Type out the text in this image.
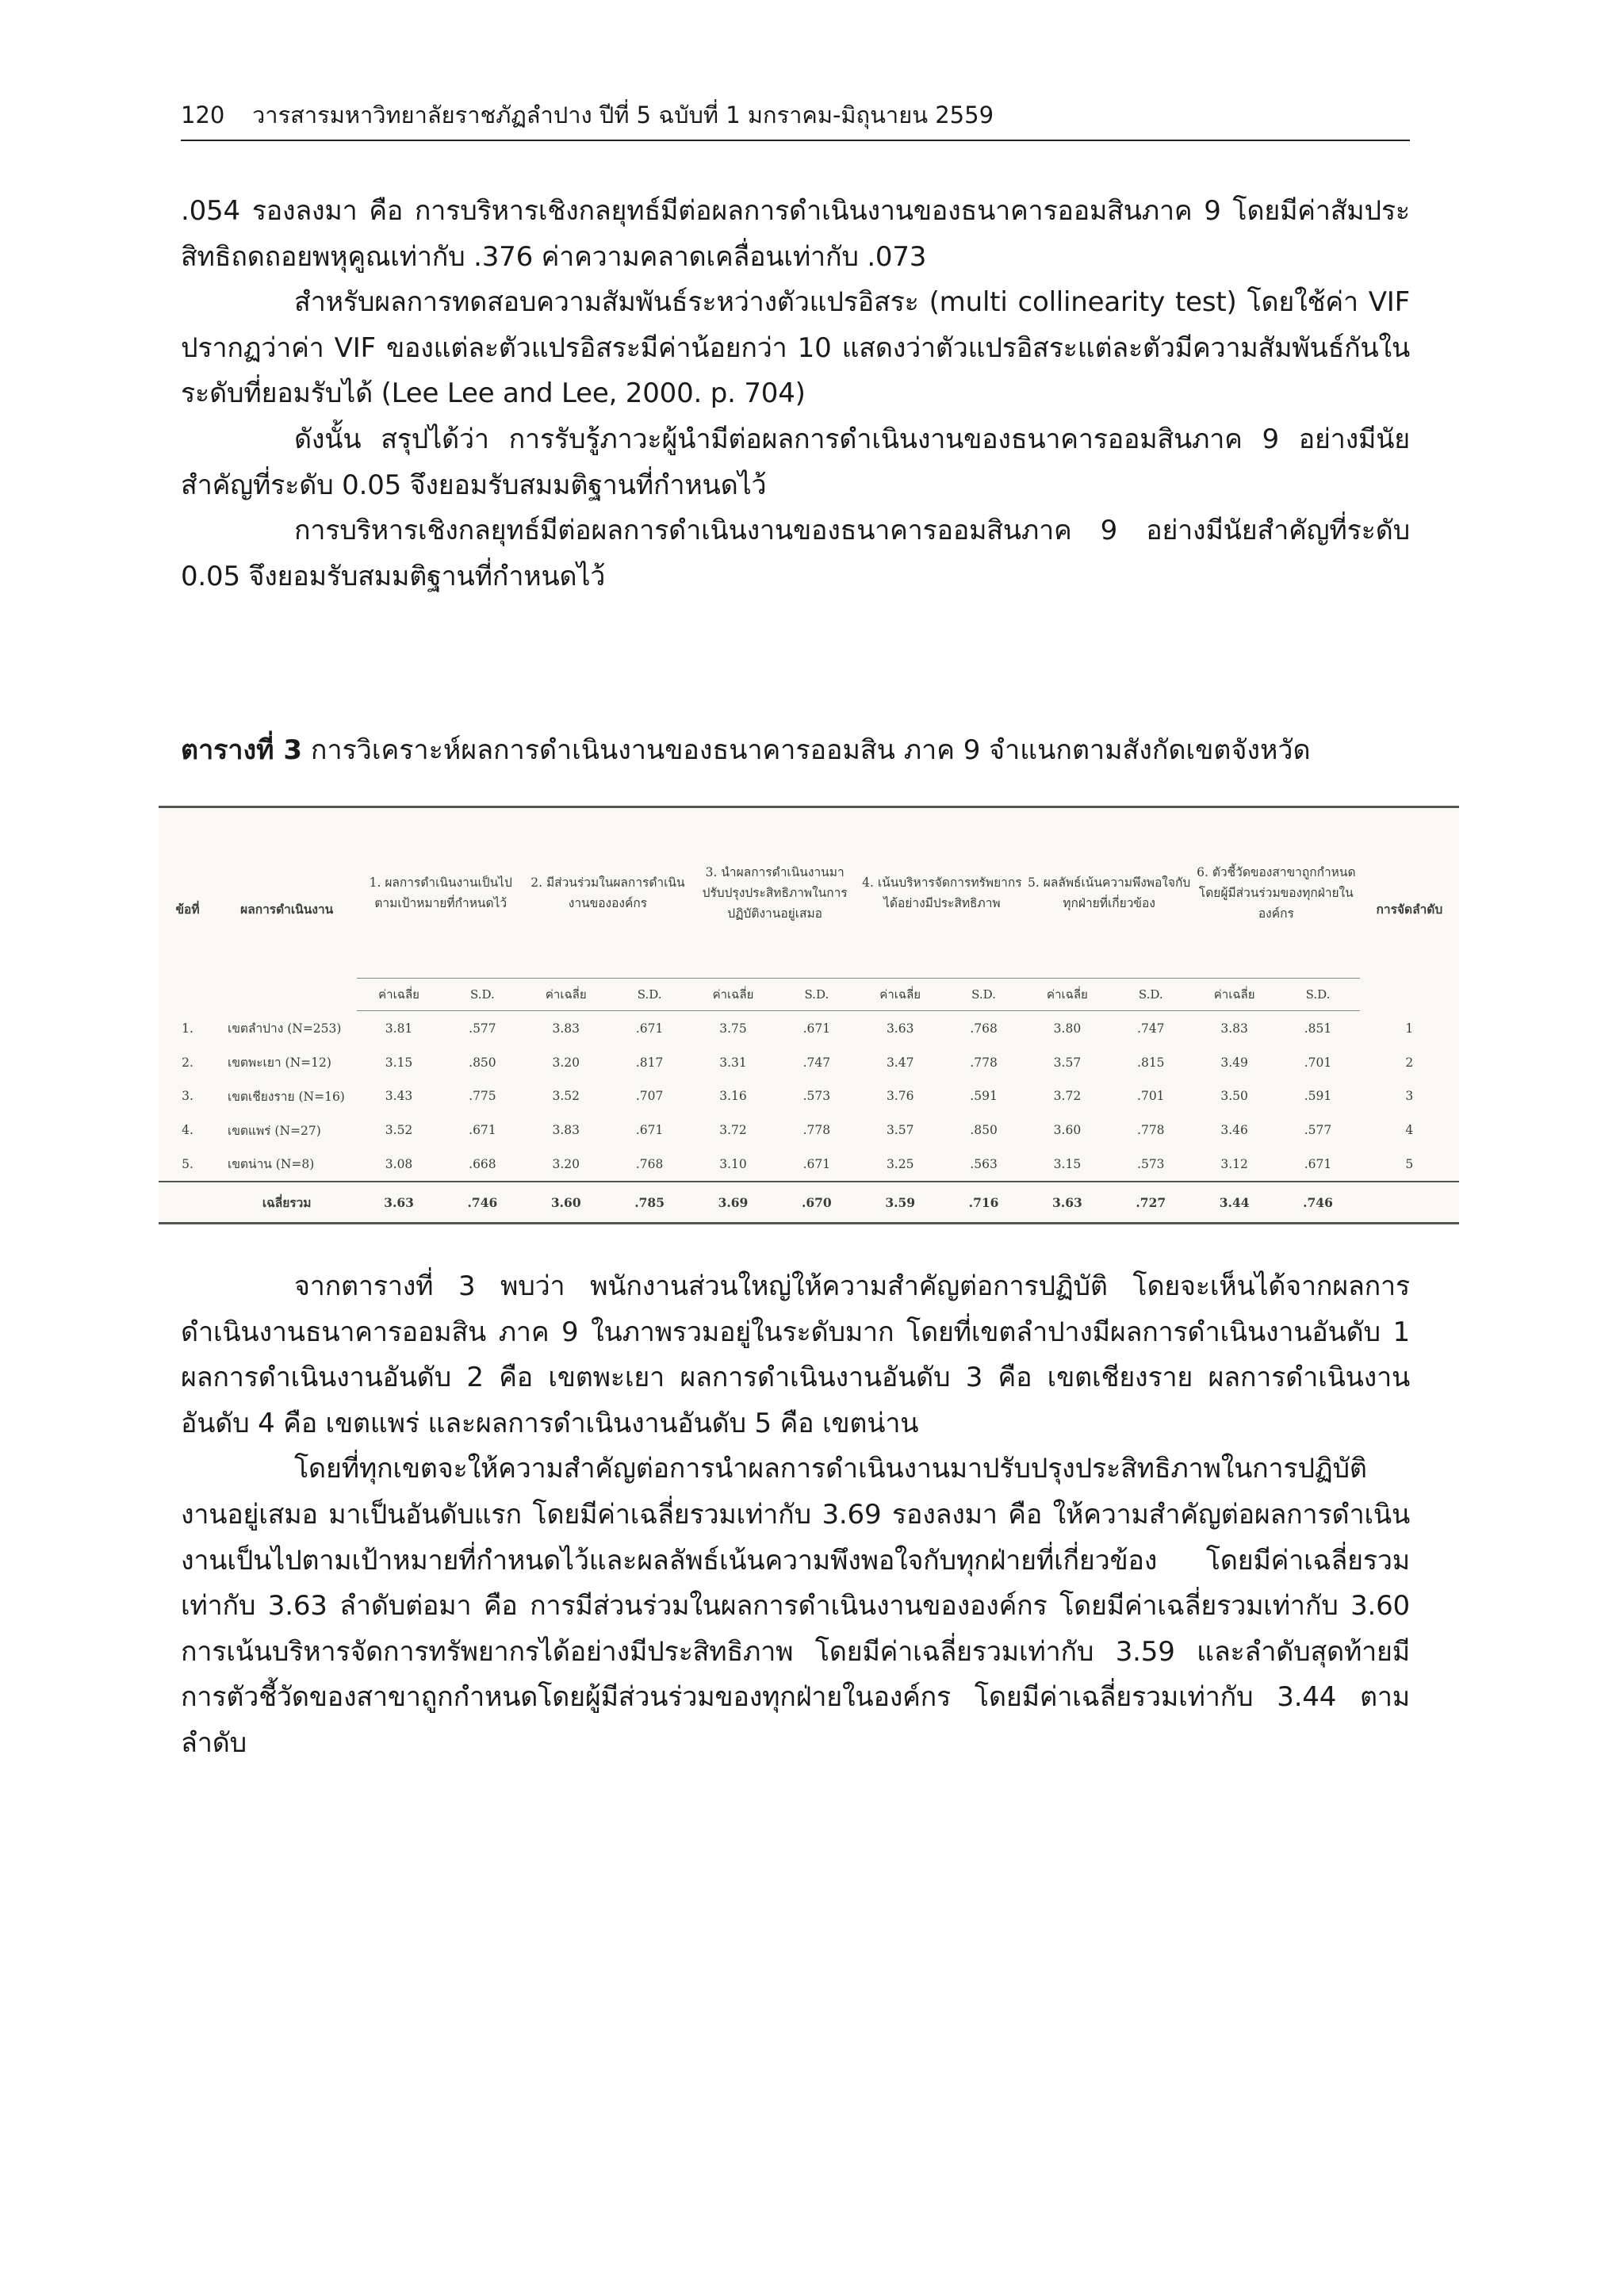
120 วารสารมหาวิทยาลัยราชภัฏลำปาง ปีที่ 5 ฉบับที่ 1 มกราคม-มิถุนายน 2559

.054 รองลงมา คือ การบริหารเชิงกลยุทธ์มีต่อผลการดำเนินงานของธนาคารออมสินภาค 9 โดยมีค่าสัมประสิทธิถดถอยพหุคูณเท่ากับ .376 ค่าความคลาดเคลื่อนเท่ากับ .073

สำหรับผลการทดสอบความสัมพันธ์ระหว่างตัวแปรอิสระ (multi collinearity test) โดยใช้ค่า VIF ปรากฏว่าค่า VIF ของแต่ละตัวแปรอิสระมีค่าน้อยกว่า 10 แสดงว่าตัวแปรอิสระแต่ละตัวมีความสัมพันธ์กันในระดับที่ยอมรับได้ (Lee Lee and Lee, 2000. p. 704)

ดังนั้น สรุปได้ว่า การรับรู้ภาวะผู้นำมีต่อผลการดำเนินงานของธนาคารออมสินภาค 9 อย่างมีนัยสำคัญที่ระดับ 0.05 จึงยอมรับสมมติฐานที่กำหนดไว้

การบริหารเชิงกลยุทธ์มีต่อผลการดำเนินงานของธนาคารออมสินภาค 9 อย่างมีนัยสำคัญที่ระดับ 0.05 จึงยอมรับสมมติฐานที่กำหนดไว้

ตารางที่ 3 การวิเคราะห์ผลการดำเนินงานของธนาคารออมสิน ภาค 9 จำแนกตามสังกัดเขตจังหวัด
ข้อที่	ผลการดำเนินงาน	1. ผลการดำเนินงานเป็นไปตามเป้าหมายที่กำหนดไว้		2. มีส่วนร่วมในผลการดำเนินงานขององค์กร		3. นำผลการดำเนินงานมาปรับปรุงประสิทธิภาพในการปฏิบัติงานอยู่เสมอ		4. เน้นบริหารจัดการทรัพยากรได้อย่างมีประสิทธิภาพ		5. ผลลัพธ์เน้นความพึงพอใจกับทุกฝ่ายที่เกี่ยวข้อง		6. ตัวชี้วัดของสาขาถูกกำหนดโดยผู้มีส่วนร่วมของทุกฝ่ายในองค์กร		การจัดลำดับ
		ค่าเฉลี่ย	S.D.	ค่าเฉลี่ย	S.D.	ค่าเฉลี่ย	S.D.	ค่าเฉลี่ย	S.D.	ค่าเฉลี่ย	S.D.	ค่าเฉลี่ย	S.D.	
1.	เขตลำปาง (N=253)	3.81	.577	3.83	.671	3.75	.671	3.63	.768	3.80	.747	3.83	.851	1
2.	เขตพะเยา (N=12)	3.15	.850	3.20	.817	3.31	.747	3.47	.778	3.57	.815	3.49	.701	2
3.	เขตเชียงราย (N=16)	3.43	.775	3.52	.707	3.16	.573	3.76	.591	3.72	.701	3.50	.591	3
4.	เขตแพร่ (N=27)	3.52	.671	3.83	.671	3.72	.778	3.57	.850	3.60	.778	3.46	.577	4
5.	เขตน่าน (N=8)	3.08	.668	3.20	.768	3.10	.671	3.25	.563	3.15	.573	3.12	.671	5
	เฉลี่ยรวม	3.63	.746	3.60	.785	3.69	.670	3.59	.716	3.63	.727	3.44	.746	

จากตารางที่ 3 พบว่า พนักงานส่วนใหญ่ให้ความสำคัญต่อการปฏิบัติ โดยจะเห็นได้จากผลการดำเนินงานธนาคารออมสิน ภาค 9 ในภาพรวมอยู่ในระดับมาก โดยที่เขตลำปางมีผลการดำเนินงานอันดับ 1 ผลการดำเนินงานอันดับ 2 คือ เขตพะเยา ผลการดำเนินงานอันดับ 3 คือ เขตเชียงราย ผลการดำเนินงานอันดับ 4 คือ เขตแพร่ และผลการดำเนินงานอันดับ 5 คือ เขตน่าน

โดยที่ทุกเขตจะให้ความสำคัญต่อการนำผลการดำเนินงานมาปรับปรุงประสิทธิภาพในการปฏิบัติงานอยู่เสมอ มาเป็นอันดับแรก โดยมีค่าเฉลี่ยรวมเท่ากับ 3.69 รองลงมา คือ ให้ความสำคัญต่อผลการดำเนินงานเป็นไปตามเป้าหมายที่กำหนดไว้และผลลัพธ์เน้นความพึงพอใจกับทุกฝ่ายที่เกี่ยวข้อง โดยมีค่าเฉลี่ยรวม เท่ากับ 3.63 ลำดับต่อมา คือ การมีส่วนร่วมในผลการดำเนินงานขององค์กร โดยมีค่าเฉลี่ยรวมเท่ากับ 3.60 การเน้นบริหารจัดการทรัพยากรได้อย่างมีประสิทธิภาพ โดยมีค่าเฉลี่ยรวมเท่ากับ 3.59 และลำดับสุดท้ายมีการตัวชี้วัดของสาขาถูกกำหนดโดยผู้มีส่วนร่วมของทุกฝ่ายในองค์กร โดยมีค่าเฉลี่ยรวมเท่ากับ 3.44 ตามลำดับ
